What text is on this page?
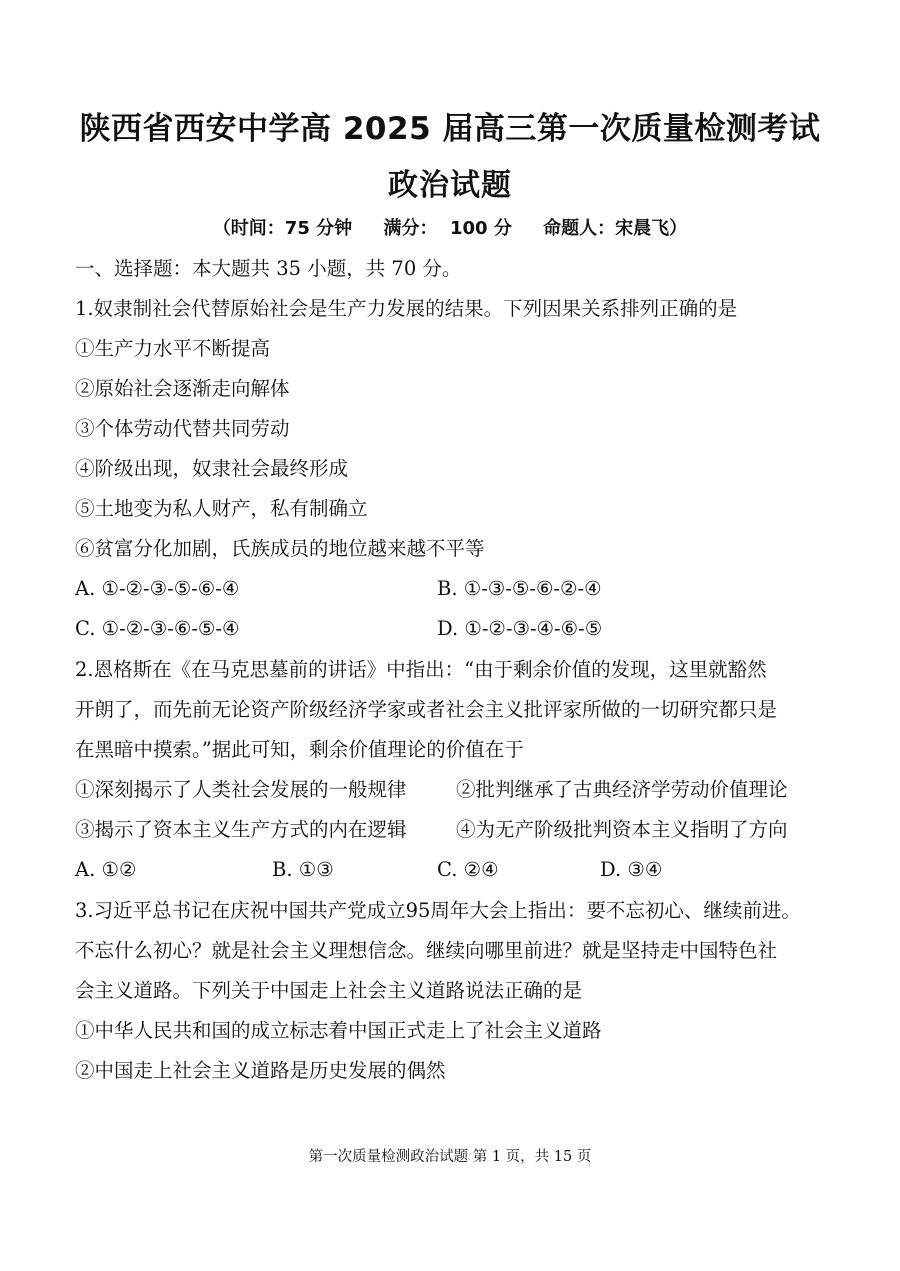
陕西省西安中学高 2025 届高三第一次质量检测考试
政治试题
（时间：75 分钟     满分：  100 分     命题人：宋晨飞）
一、选择题：本大题共 35 小题，共 70 分。
1.奴隶制社会代替原始社会是生产力发展的结果。下列因果关系排列正确的是
①生产力水平不断提高
②原始社会逐渐走向解体
③个体劳动代替共同劳动
④阶级出现，奴隶社会最终形成
⑤土地变为私人财产，私有制确立
⑥贫富分化加剧，氏族成员的地位越来越不平等
A. ①-②-③-⑤-⑥-④	B. ①-③-⑤-⑥-②-④
C. ①-②-③-⑥-⑤-④	D. ①-②-③-④-⑥-⑤
2.恩格斯在《在马克思墓前的讲话》中指出：“由于剩余价值的发现，这里就豁然
开朗了，而先前无论资产阶级经济学家或者社会主义批评家所做的一切研究都只是
在黑暗中摸索。”据此可知，剩余价值理论的价值在于
①深刻揭示了人类社会发展的一般规律	②批判继承了古典经济学劳动价值理论
③揭示了资本主义生产方式的内在逻辑	④为无产阶级批判资本主义指明了方向
A. ①②	B. ①③	C. ②④	D. ③④
3.习近平总书记在庆祝中国共产党成立95周年大会上指出：要不忘初心、继续前进。
不忘什么初心？就是社会主义理想信念。继续向哪里前进？就是坚持走中国特色社
会主义道路。下列关于中国走上社会主义道路说法正确的是
①中华人民共和国的成立标志着中国正式走上了社会主义道路
②中国走上社会主义道路是历史发展的偶然
第一次质量检测政治试题 第 1 页，共 15 页
